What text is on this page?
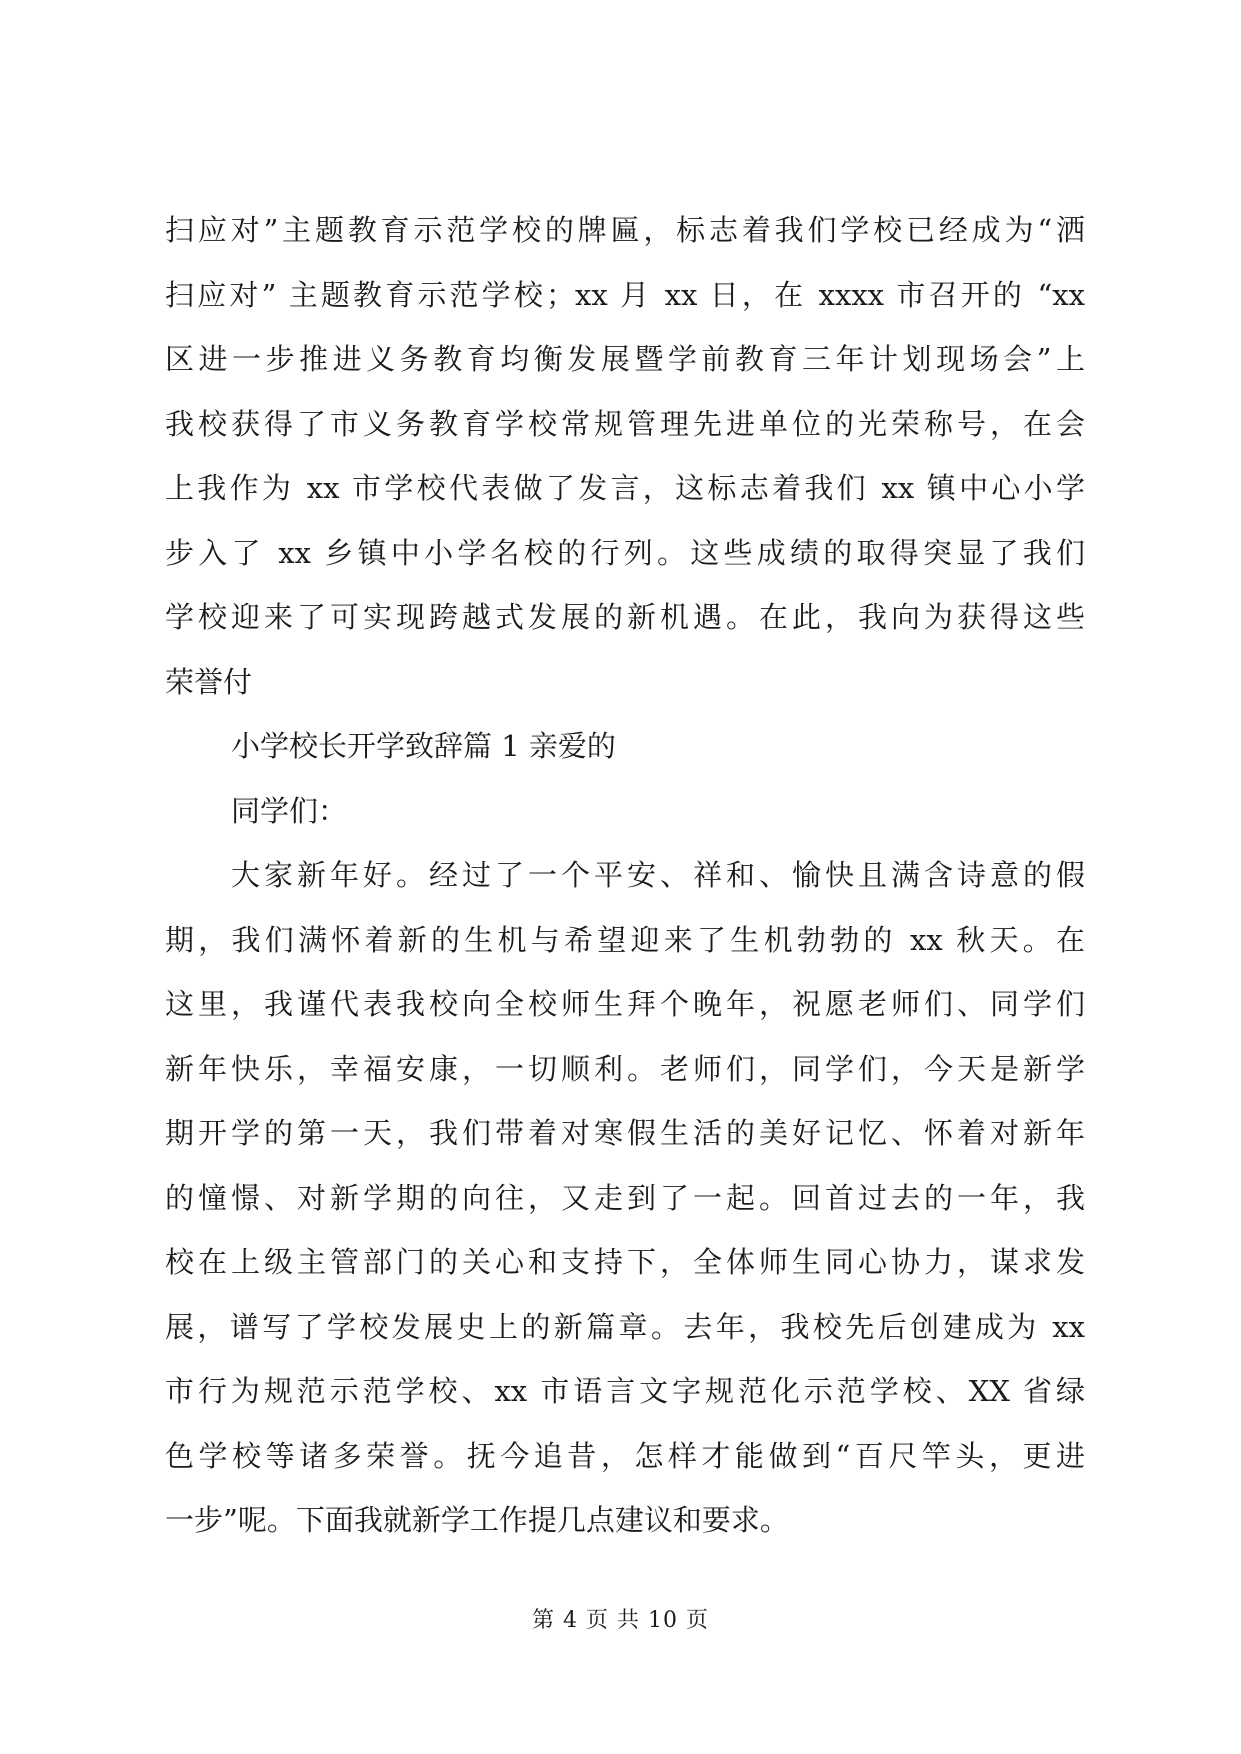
扫应对”主题教育示范学校的牌匾，标志着我们学校已经成为“洒
扫应对” 主题教育示范学校；xx 月 xx 日，在 xxxx 市召开的 “xx
区进一步推进义务教育均衡发展暨学前教育三年计划现场会”上
我校获得了市义务教育学校常规管理先进单位的光荣称号，在会
上我作为 xx 市学校代表做了发言，这标志着我们 xx 镇中心小学
步入了 xx 乡镇中小学名校的行列。这些成绩的取得突显了我们
学校迎来了可实现跨越式发展的新机遇。在此，我向为获得这些
荣誉付
小学校长开学致辞篇 1 亲爱的
同学们：
大家新年好。经过了一个平安、祥和、愉快且满含诗意的假
期，我们满怀着新的生机与希望迎来了生机勃勃的 xx 秋天。在
这里，我谨代表我校向全校师生拜个晚年，祝愿老师们、同学们
新年快乐，幸福安康，一切顺利。老师们，同学们，今天是新学
期开学的第一天，我们带着对寒假生活的美好记忆、怀着对新年
的憧憬、对新学期的向往，又走到了一起。回首过去的一年，我
校在上级主管部门的关心和支持下，全体师生同心协力，谋求发
展，谱写了学校发展史上的新篇章。去年，我校先后创建成为 xx
市行为规范示范学校、xx 市语言文字规范化示范学校、XX 省绿
色学校等诸多荣誉。抚今追昔，怎样才能做到“百尺竿头，更进
一步”呢。下面我就新学工作提几点建议和要求。
第 4 页 共 10 页
